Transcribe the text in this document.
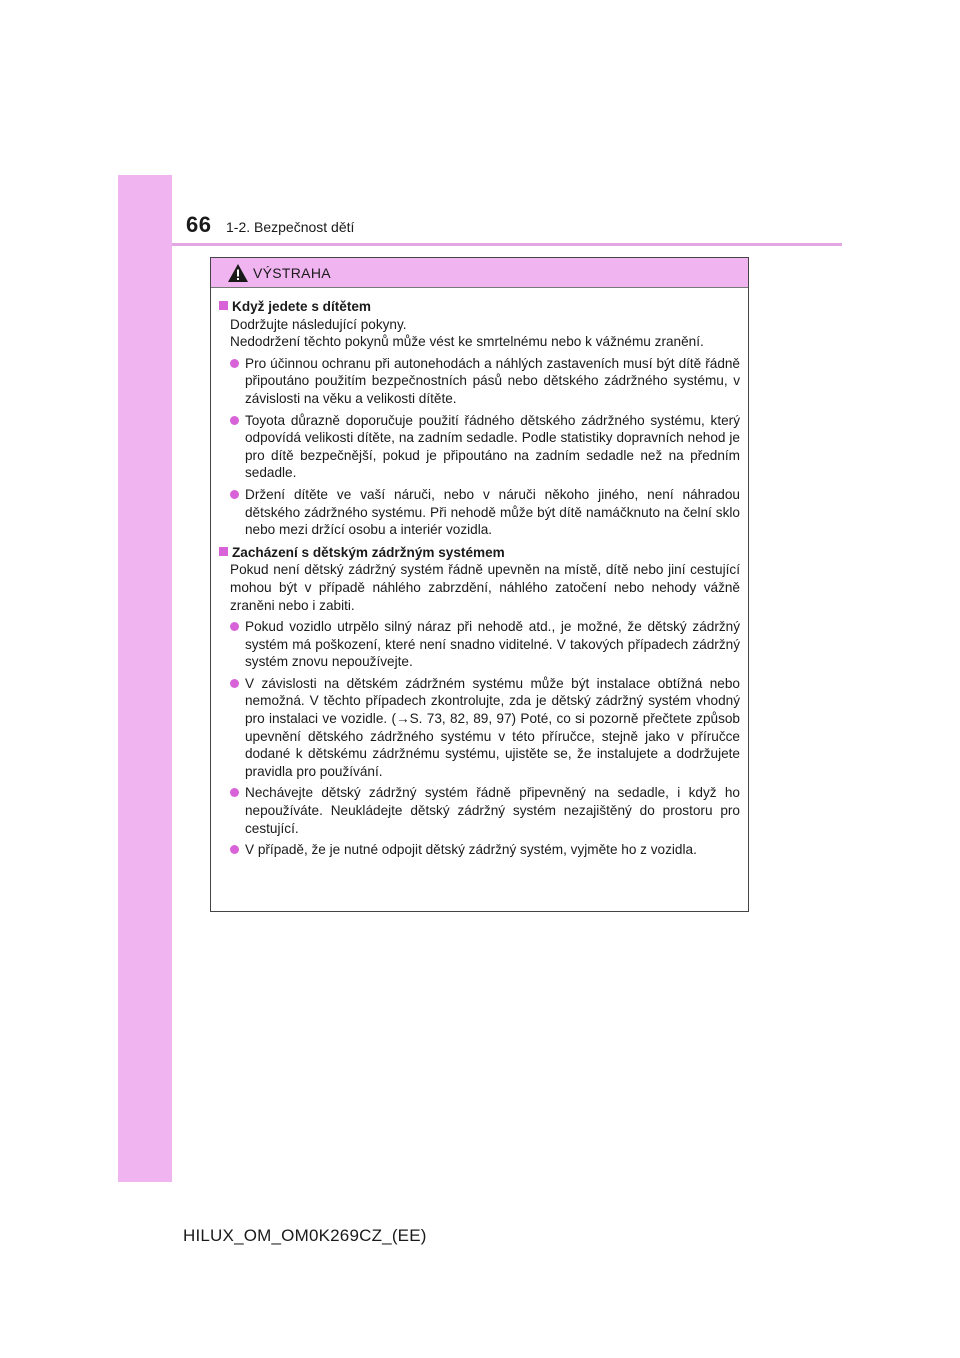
66 1-2. Bezpečnost dětí
VÝSTRAHA
Když jedete s dítětem
Dodržujte následující pokyny.
Nedodržení těchto pokynů může vést ke smrtelnému nebo k vážnému zranění.
Pro účinnou ochranu při autonehodách a náhlých zastaveních musí být dítě řádně připoutáno použitím bezpečnostních pásů nebo dětského zádržného systému, v závislosti na věku a velikosti dítěte.
Toyota důrazně doporučuje použití řádného dětského zádržného systému, který odpovídá velikosti dítěte, na zadním sedadle. Podle statistiky dopravních nehod je pro dítě bezpečnější, pokud je připoutáno na zadním sedadle než na předním sedadle.
Držení dítěte ve vaší náruči, nebo v náruči někoho jiného, není náhradou dětského zádržného systému. Při nehodě může být dítě namáčknuto na čelní sklo nebo mezi držící osobu a interiér vozidla.
Zacházení s dětským zádržným systémem
Pokud není dětský zádržný systém řádně upevněn na místě, dítě nebo jiní cestující mohou být v případě náhlého zabrzdění, náhlého zatočení nebo nehody vážně zraněni nebo i zabiti.
Pokud vozidlo utrpělo silný náraz při nehodě atd., je možné, že dětský zádržný systém má poškození, které není snadno viditelné. V takových případech zádržný systém znovu nepoužívejte.
V závislosti na dětském zádržném systému může být instalace obtížná nebo nemožná. V těchto případech zkontrolujte, zda je dětský zádržný systém vhodný pro instalaci ve vozidle. (→S. 73, 82, 89, 97) Poté, co si pozorně přečtete způsob upevnění dětského zádržného systému v této příručce, stejně jako v příručce dodané k dětskému zádržnému systému, ujistěte se, že instalujete a dodržujete pravidla pro používání.
Nechávejte dětský zádržný systém řádně připevněný na sedadle, i když ho nepoužíváte. Neukládejte dětský zádržný systém nezajištěný do prostoru pro cestující.
V případě, že je nutné odpojit dětský zádržný systém, vyjměte ho z vozidla.
HILUX_OM_OM0K269CZ_(EE)
